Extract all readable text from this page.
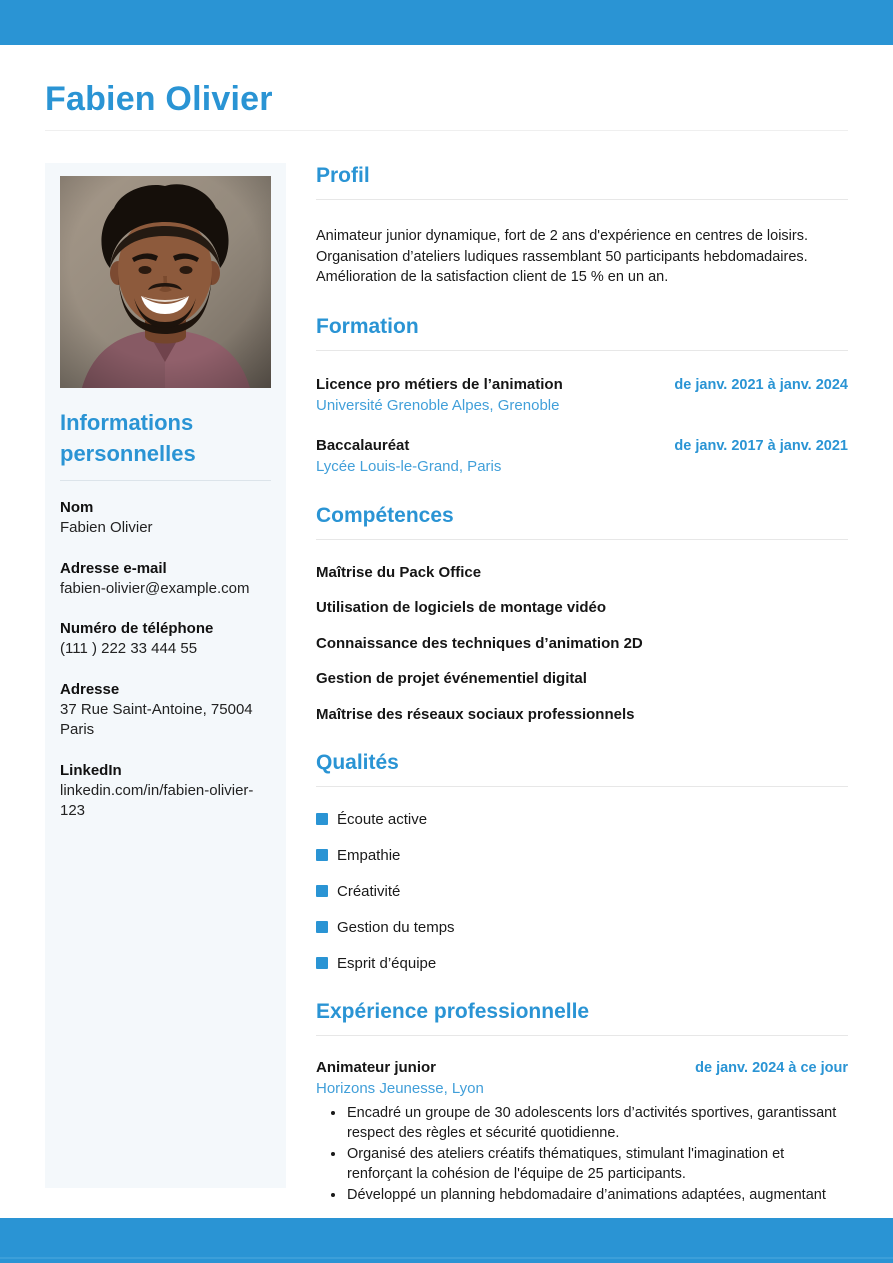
Fabien Olivier
Informations personnelles
Nom
Fabien Olivier
Adresse e-mail
fabien-olivier@example.com
Numéro de téléphone
(111 ) 222 33 444 55
Adresse
37 Rue Saint-Antoine, 75004 Paris
LinkedIn
linkedin.com/in/fabien-olivier-123
Profil

Animateur junior dynamique, fort de 2 ans d'expérience en centres de loisirs. Organisation d’ateliers ludiques rassemblant 50 participants hebdomadaires. Amélioration de la satisfaction client de 15 % en un an.

Formation
Licence pro métiers de l’animation	de janv. 2021 à janv. 2024
Université Grenoble Alpes, Grenoble
Baccalauréat	de janv. 2017 à janv. 2021
Lycée Louis-le-Grand, Paris
Compétences
Maîtrise du Pack Office
Utilisation de logiciels de montage vidéo
Connaissance des techniques d’animation 2D
Gestion de projet événementiel digital
Maîtrise des réseaux sociaux professionnels
Qualités
Écoute active
Empathie
Créativité
Gestion du temps
Esprit d’équipe
Expérience professionnelle
Animateur junior	de janv. 2024 à ce jour
Horizons Jeunesse, Lyon
• Encadré un groupe de 30 adolescents lors d’activités sportives, garantissant respect des règles et sécurité quotidienne.
• Organisé des ateliers créatifs thématiques, stimulant l'imagination et renforçant la cohésion de l'équipe de 25 participants.
• Développé un planning hebdomadaire d’animations adaptées, augmentant
